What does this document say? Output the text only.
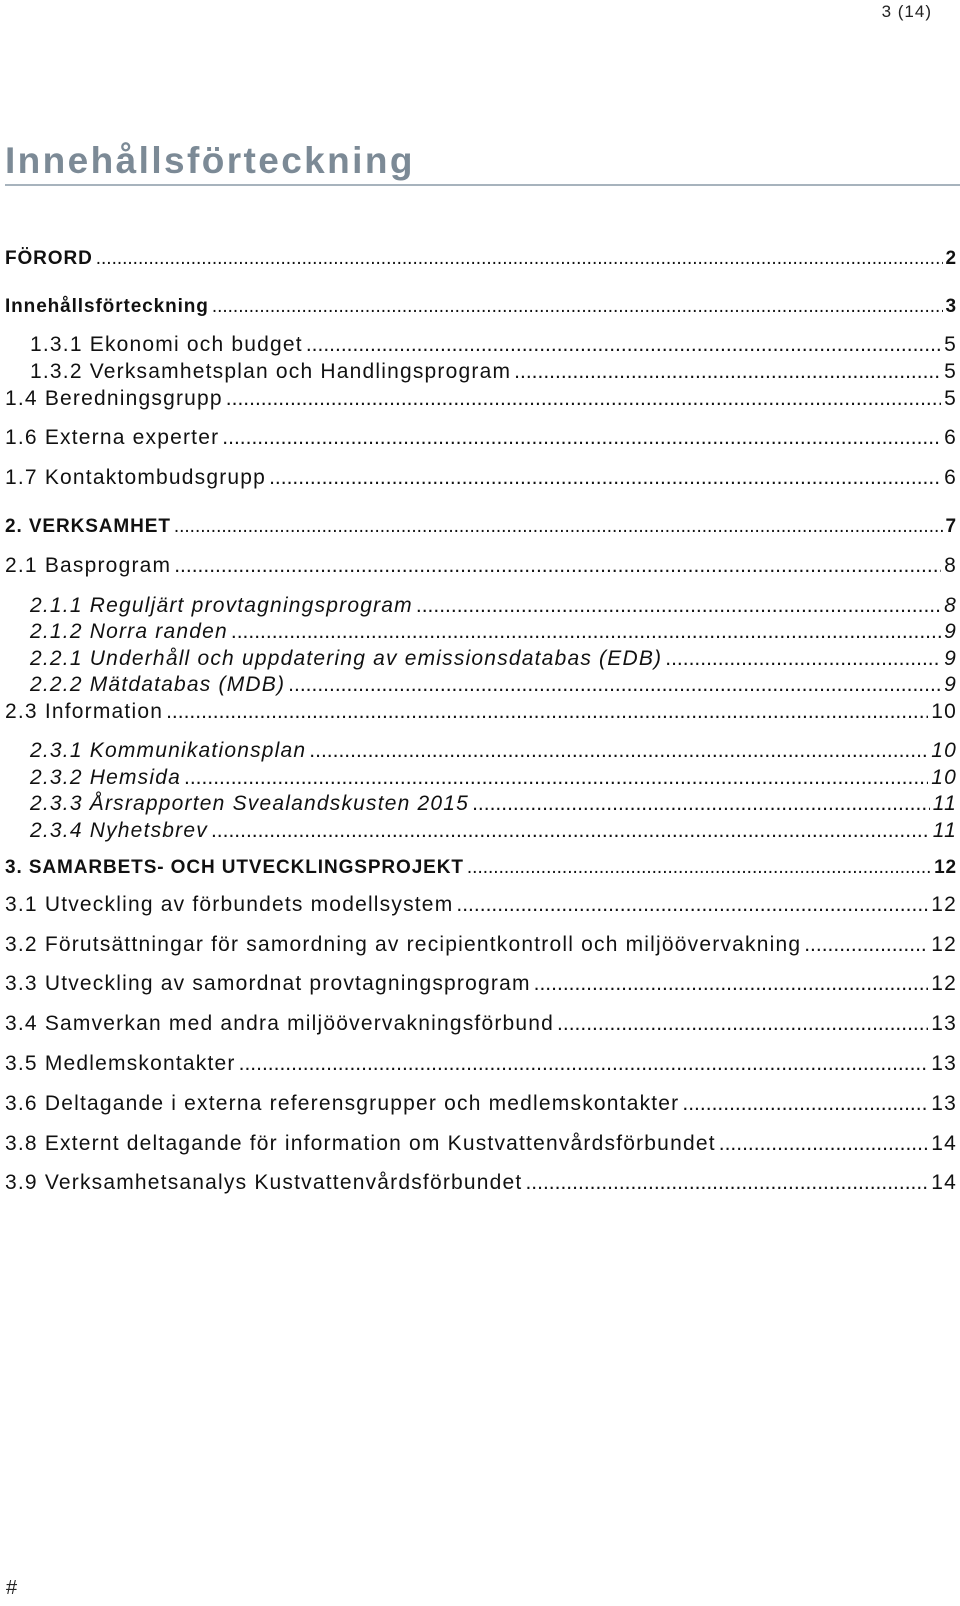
3 (14)
Innehållsförteckning
FÖRORD .....	2
Innehållsförteckning .....	3
1.3.1 Ekonomi och budget .....	5
1.3.2 Verksamhetsplan och Handlingsprogram .....	5
1.4 Beredningsgrupp .....	5
1.6 Externa experter .....	6
1.7 Kontaktombudsgrupp .....	6
2. VERKSAMHET .....	7
2.1 Basprogram .....	8
2.1.1 Reguljärt provtagningsprogram .....	8
2.1.2 Norra randen .....	9
2.2.1 Underhåll och uppdatering av emissionsdatabas (EDB) .....	9
2.2.2 Mätdatabas (MDB) .....	9
2.3 Information .....	10
2.3.1 Kommunikationsplan .....	10
2.3.2 Hemsida .....	10
2.3.3 Årsrapporten Svealandskusten 2015 .....	11
2.3.4 Nyhetsbrev .....	11
3. SAMARBETS- OCH UTVECKLINGSPROJEKT .....	12
3.1 Utveckling av förbundets modellsystem .....	12
3.2 Förutsättningar för samordning av recipientkontroll och miljöövervakning .....	12
3.3 Utveckling av samordnat provtagningsprogram .....	12
3.4 Samverkan med andra miljöövervakningsförbund .....	13
3.5 Medlemskontakter .....	13
3.6 Deltagande i externa referensgrupper och medlemskontakter .....	13
3.8 Externt deltagande för information om Kustvattenvårdsförbundet .....	14
3.9 Verksamhetsanalys Kustvattenvårdsförbundet .....	14
#
